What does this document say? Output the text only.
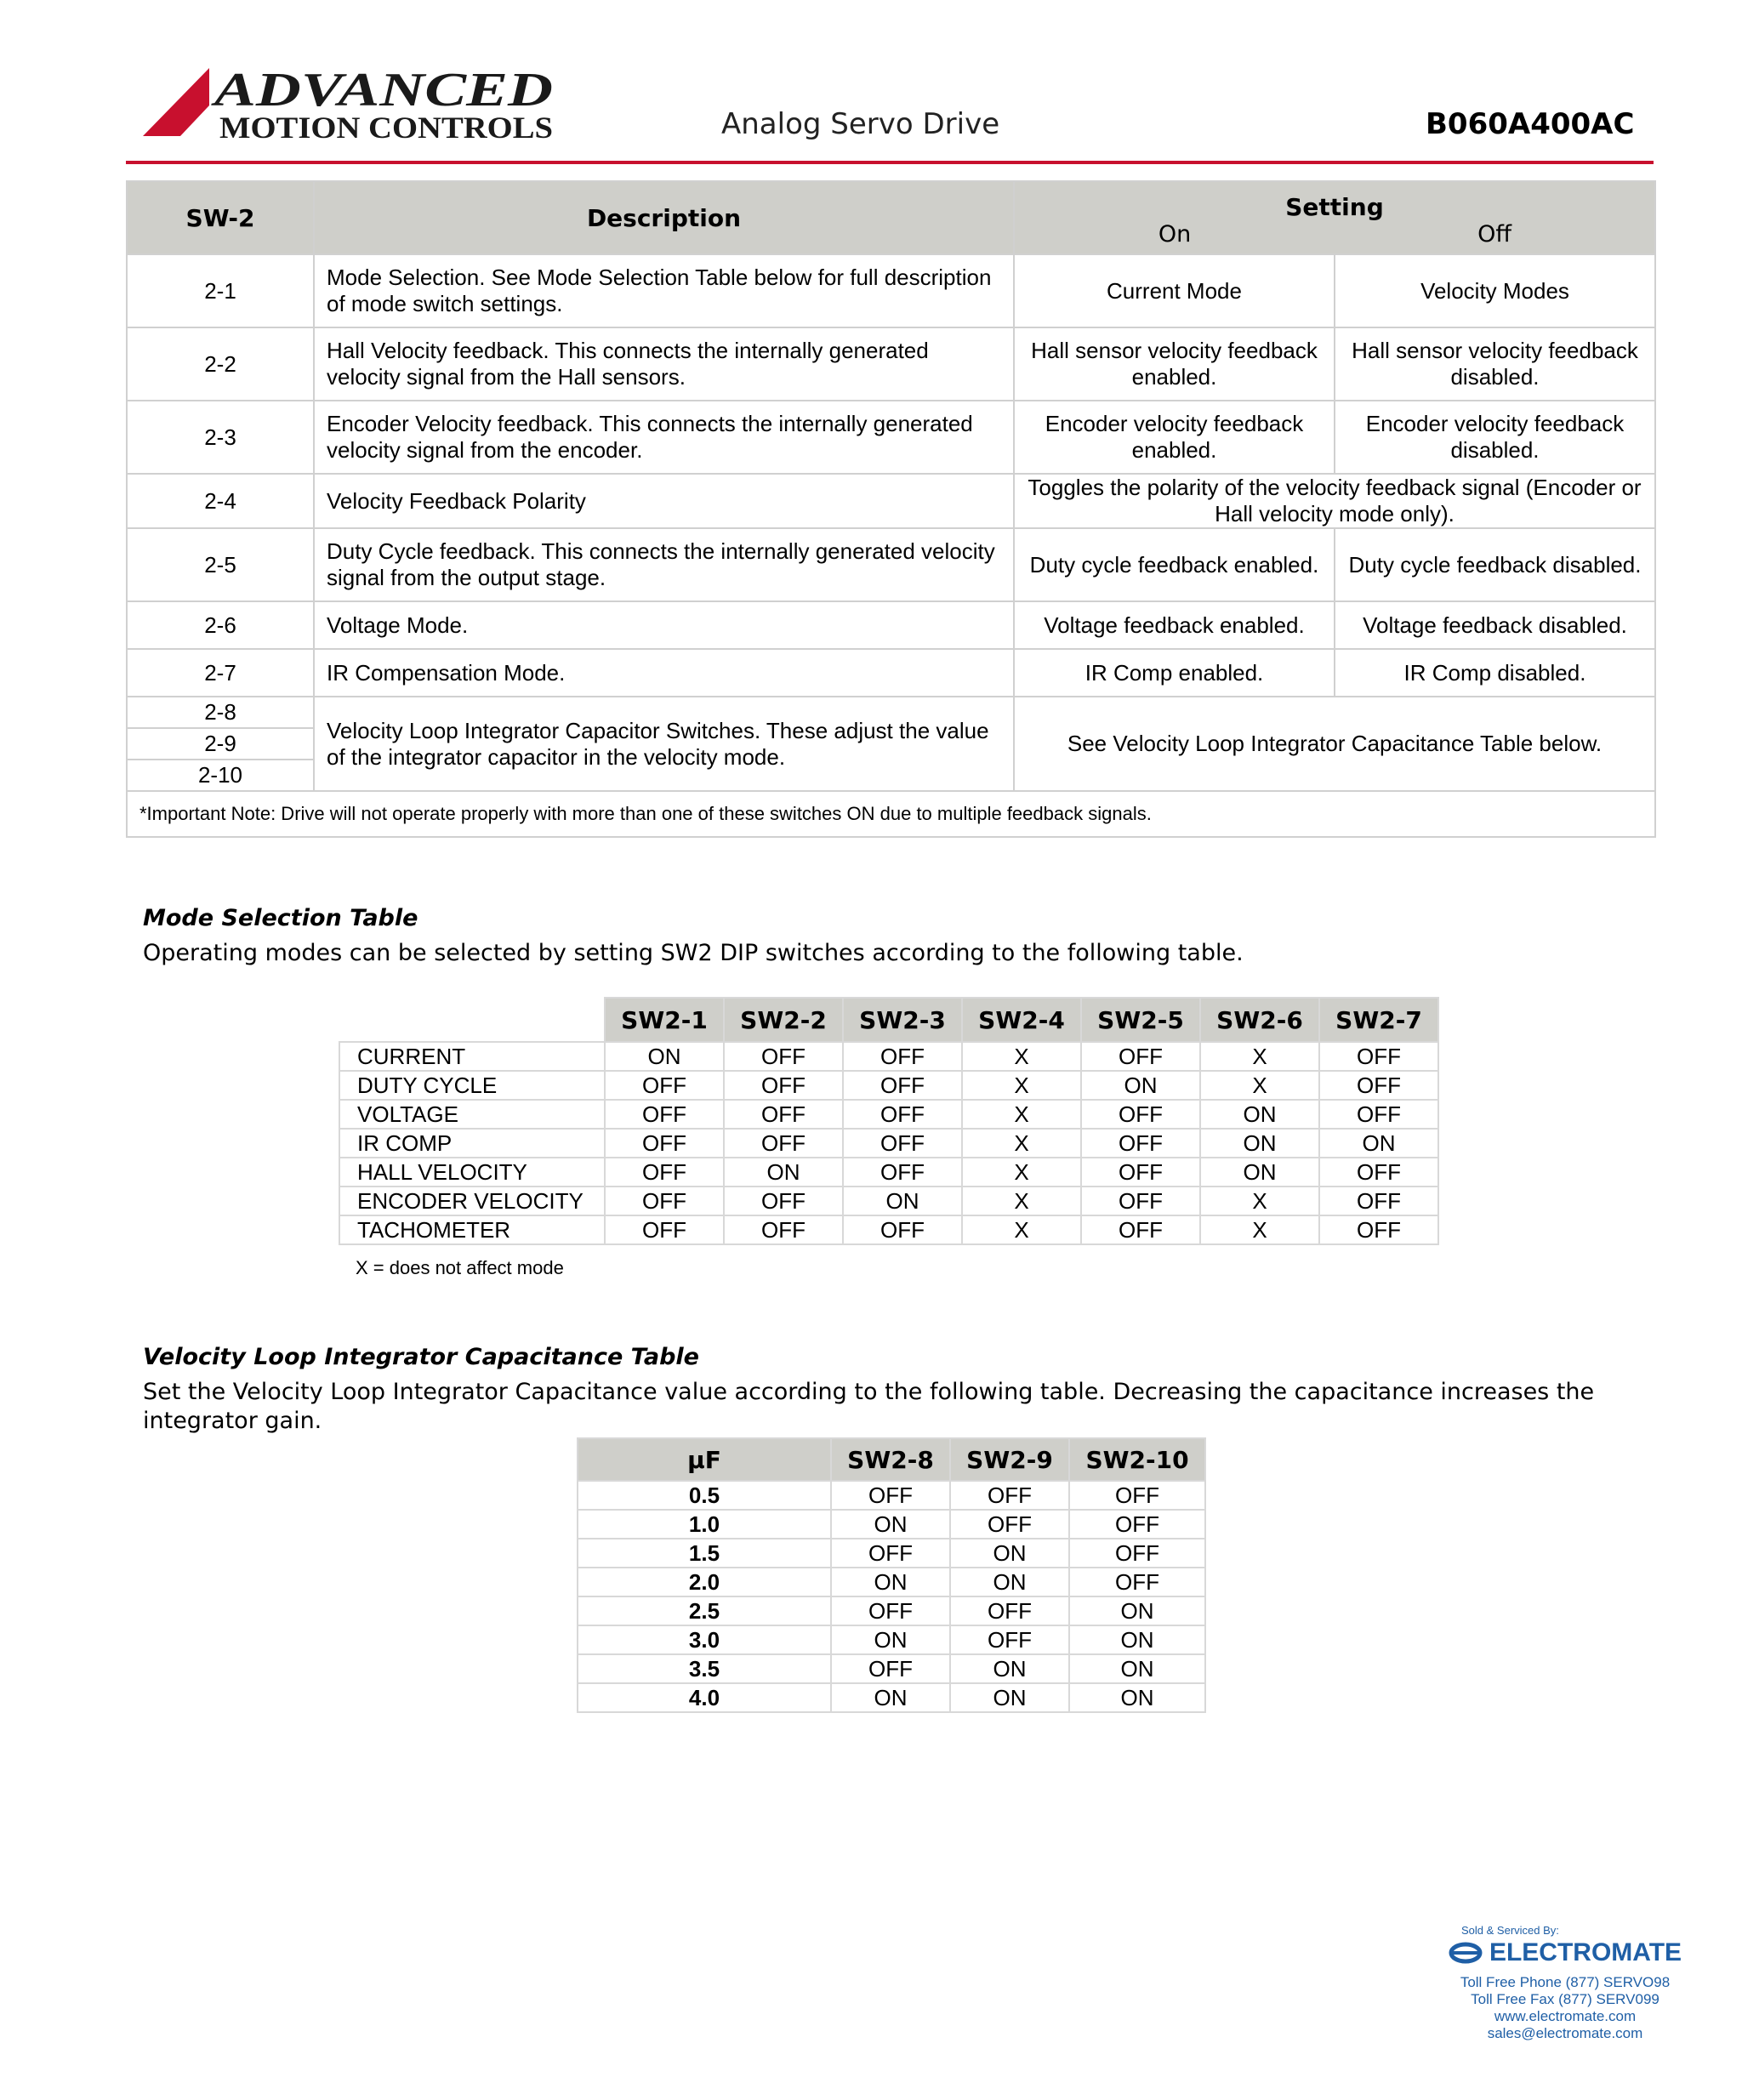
ADVANCED
MOTION CONTROLS	Analog Servo Drive	B060A400AC
SW-2	Description	Setting
On Off	

2-1	Mode Selection. See Mode Selection Table below for full description of mode switch settings.	Current Mode	Velocity Modes
2-2	Hall Velocity feedback. This connects the internally generated velocity signal from the Hall sensors.	Hall sensor velocity feedback enabled.	Hall sensor velocity feedback disabled.
2-3	Encoder Velocity feedback. This connects the internally generated velocity signal from the encoder.	Encoder velocity feedback enabled.	Encoder velocity feedback disabled.
2-4	Velocity Feedback Polarity	Toggles the polarity of the velocity feedback signal (Encoder or Hall velocity mode only).	
2-5	Duty Cycle feedback. This connects the internally generated velocity signal from the output stage.	Duty cycle feedback enabled.	Duty cycle feedback disabled.
2-6	Voltage Mode.	Voltage feedback enabled.	Voltage feedback disabled.
2-7	IR Compensation Mode.	IR Comp enabled.	IR Comp disabled.
2-8	Velocity Loop Integrator Capacitor Switches. These adjust the value of the integrator capacitor in the velocity mode.	See Velocity Loop Integrator Capacitance Table below.	
2-9			
2-10			
*Important Note: Drive will not operate properly with more than one of these switches ON due to multiple feedback signals.			
Mode Selection Table
Operating modes can be selected by setting SW2 DIP switches according to the following table.
	SW2-1	SW2-2	SW2-3	SW2-4	SW2-5	SW2-6	SW2-7
CURRENT	ON	OFF	OFF	X	OFF	X	OFF
DUTY CYCLE	OFF	OFF	OFF	X	ON	X	OFF
VOLTAGE	OFF	OFF	OFF	X	OFF	ON	OFF
IR COMP	OFF	OFF	OFF	X	OFF	ON	ON
HALL VELOCITY	OFF	ON	OFF	X	OFF	ON	OFF
ENCODER VELOCITY	OFF	OFF	ON	X	OFF	X	OFF
TACHOMETER	OFF	OFF	OFF	X	OFF	X	OFF
X = does not affect mode
Velocity Loop Integrator Capacitance Table
Set the Velocity Loop Integrator Capacitance value according to the following table. Decreasing the capacitance increases the
integrator gain.
µF	SW2-8	SW2-9	SW2-10
0.5	OFF	OFF	OFF
1.0	ON	OFF	OFF
1.5	OFF	ON	OFF
2.0	ON	ON	OFF
2.5	OFF	OFF	ON
3.0	ON	OFF	ON
3.5	OFF	ON	ON
4.0	ON	ON	ON
Sold & Serviced By:
ELECTROMATE
Toll Free Phone (877) SERVO98
Toll Free Fax (877) SERV099
www.electromate.com
sales@electromate.com
